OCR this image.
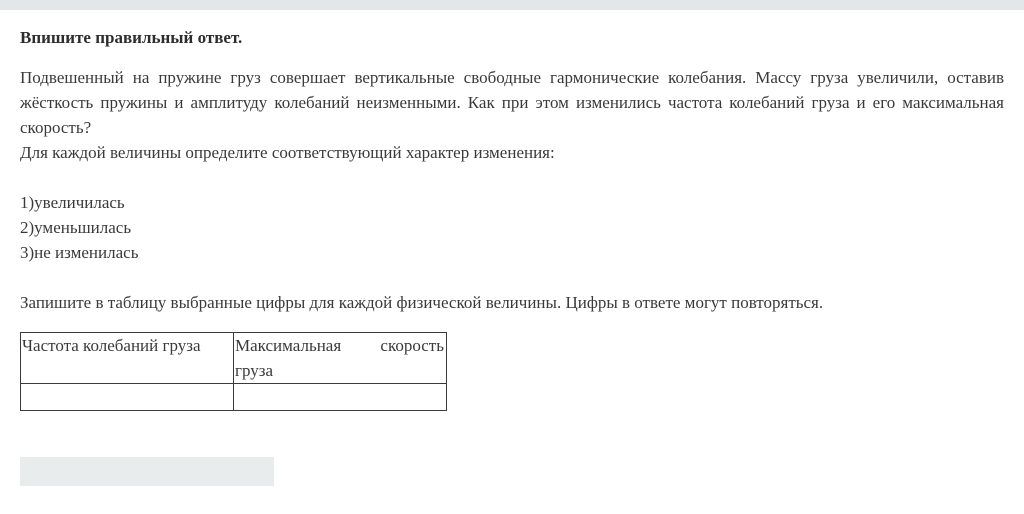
Впишите правильный ответ.

Подвешенный на пружине груз совершает вертикальные свободные гармонические колебания. Массу груза увеличили, оставив жёсткость пружины и амплитуду колебаний неизменными. Как при этом изменились частота колебаний груза и его максимальная скорость?

Для каждой величины определите соответствующий характер изменения:

1)увеличилась
2)уменьшилась
3)не изменилась

Запишите в таблицу выбранные цифры для каждой физической величины. Цифры в ответе могут повторяться.

Частота колебаний груза	Максимальная скорость груза
